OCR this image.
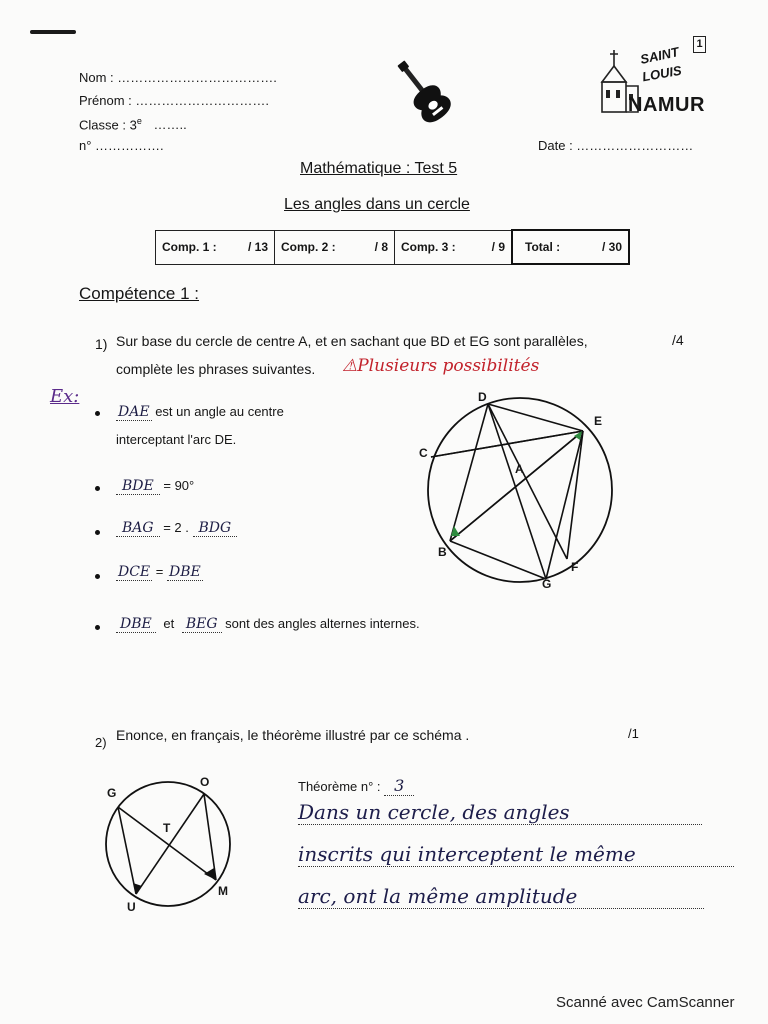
Nom : ……………………………….
Prénom : ………………………….
Classe : 3e ……..
n° …………….	Date : ………………………
SAINT
LOUIS
NAMUR
1
Mathématique : Test 5
Les angles dans un cercle
Comp. 1 :	/ 13	Comp. 2 :	/ 8	Comp. 3 :	/ 9	Total :	/ 30
Compétence 1 :
1) Sur base du cercle de centre A, et en sachant que BD et EG sont parallèles,
complète les phrases suivantes.
/4
⚠Plusieurs possibilités
Ex:
DAE est un angle au centre
interceptant l'arc DE.
BDE = 90°
BAG = 2 . BDG
DCE = DBE
DBE et BEG sont des angles alternes internes.
D
E
C
A
B
G
F
2) Enonce, en français, le théorème illustré par ce schéma .	/1
G
O
T
U
M
Théorème n° : 3
Dans un cercle, des angles
inscrits qui interceptent le même
arc, ont la même amplitude
Scanné avec CamScanner
